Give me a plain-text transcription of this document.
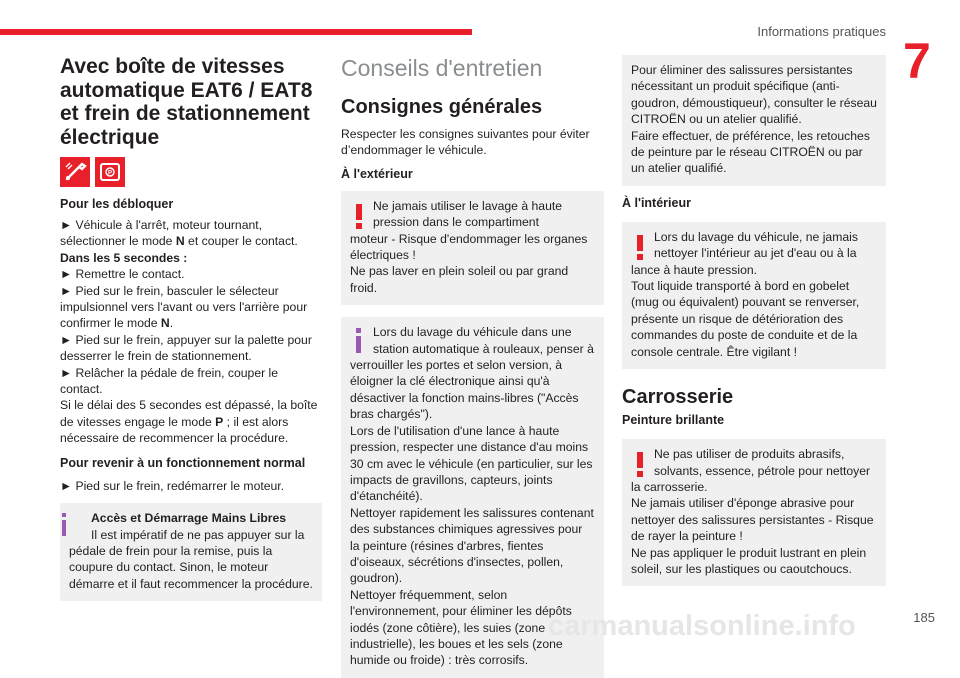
Informations pratiques
7
Avec boîte de vitesses
automatique EAT6 / EAT8 et frein de stationnement électrique
P
Pour les débloquer

► Véhicule à l'arrêt, moteur tournant, sélectionner le mode N et couper le contact.

Dans les 5 secondes :

► Remettre le contact.

► Pied sur le frein, basculer le sélecteur impulsionnel vers l'avant ou vers l'arrière pour confirmer le mode N.

► Pied sur le frein, appuyer sur la palette pour desserrer le frein de stationnement.

► Relâcher la pédale de frein, couper le contact.

Si le délai des 5 secondes est dépassé, la boîte de vitesses engage le mode P ; il est alors nécessaire de recommencer la procédure.

Pour revenir à un fonctionnement normal
► Pied sur le frein, redémarrer le moteur.

Accès et Démarrage Mains Libres

Il est impératif de ne pas appuyer sur la pédale de frein pour la remise, puis la coupure du contact. Sinon, le moteur démarre et il faut recommencer la procédure.

Conseils d'entretien
Consignes générales

Respecter les consignes suivantes pour éviter d’endommager le véhicule.

À l'extérieur

Ne jamais utiliser le lavage à haute pression dans le compartiment

moteur - Risque d'endommager les organes électriques !
Ne pas laver en plein soleil ou par grand froid.

Lors du lavage du véhicule dans une station automatique à rouleaux, penser à

verrouiller les portes et selon version, à éloigner la clé électronique ainsi qu'à désactiver la fonction mains-libres ("Accès bras chargés").
Lors de l'utilisation d'une lance à haute pression, respecter une distance d'au moins 30 cm avec le véhicule (en particulier, sur les impacts de gravillons, capteurs, joints d'étanchéité).
Nettoyer rapidement les salissures contenant des substances chimiques agressives pour la peinture (résines d'arbres, fientes d'oiseaux, sécrétions d'insectes, pollen, goudron).
Nettoyer fréquemment, selon l'environnement, pour éliminer les dépôts iodés (zone côtière), les suies (zone industrielle), les boues et les sels (zone humide ou froide) : très corrosifs.

Pour éliminer des salissures persistantes nécessitant un produit spécifique (anti-goudron, démoustiqueur), consulter le réseau CITROËN ou un atelier qualifié.
Faire effectuer, de préférence, les retouches de peinture par le réseau CITROËN ou par un atelier qualifié.

À l'intérieur

Lors du lavage du véhicule, ne jamais nettoyer l'intérieur au jet d'eau ou à la

lance à haute pression.
Tout liquide transporté à bord en gobelet (mug ou équivalent) pouvant se renverser, présente un risque de détérioration des commandes du poste de conduite et de la console centrale. Être vigilant !

Carrosserie
Peinture brillante

Ne pas utiliser de produits abrasifs, solvants, essence, pétrole pour nettoyer

la carrosserie.
Ne jamais utiliser d'éponge abrasive pour nettoyer des salissures persistantes - Risque de rayer la peinture !
Ne pas appliquer le produit lustrant en plein soleil, sur les plastiques ou caoutchoucs.

carmanualsonline.info	185
